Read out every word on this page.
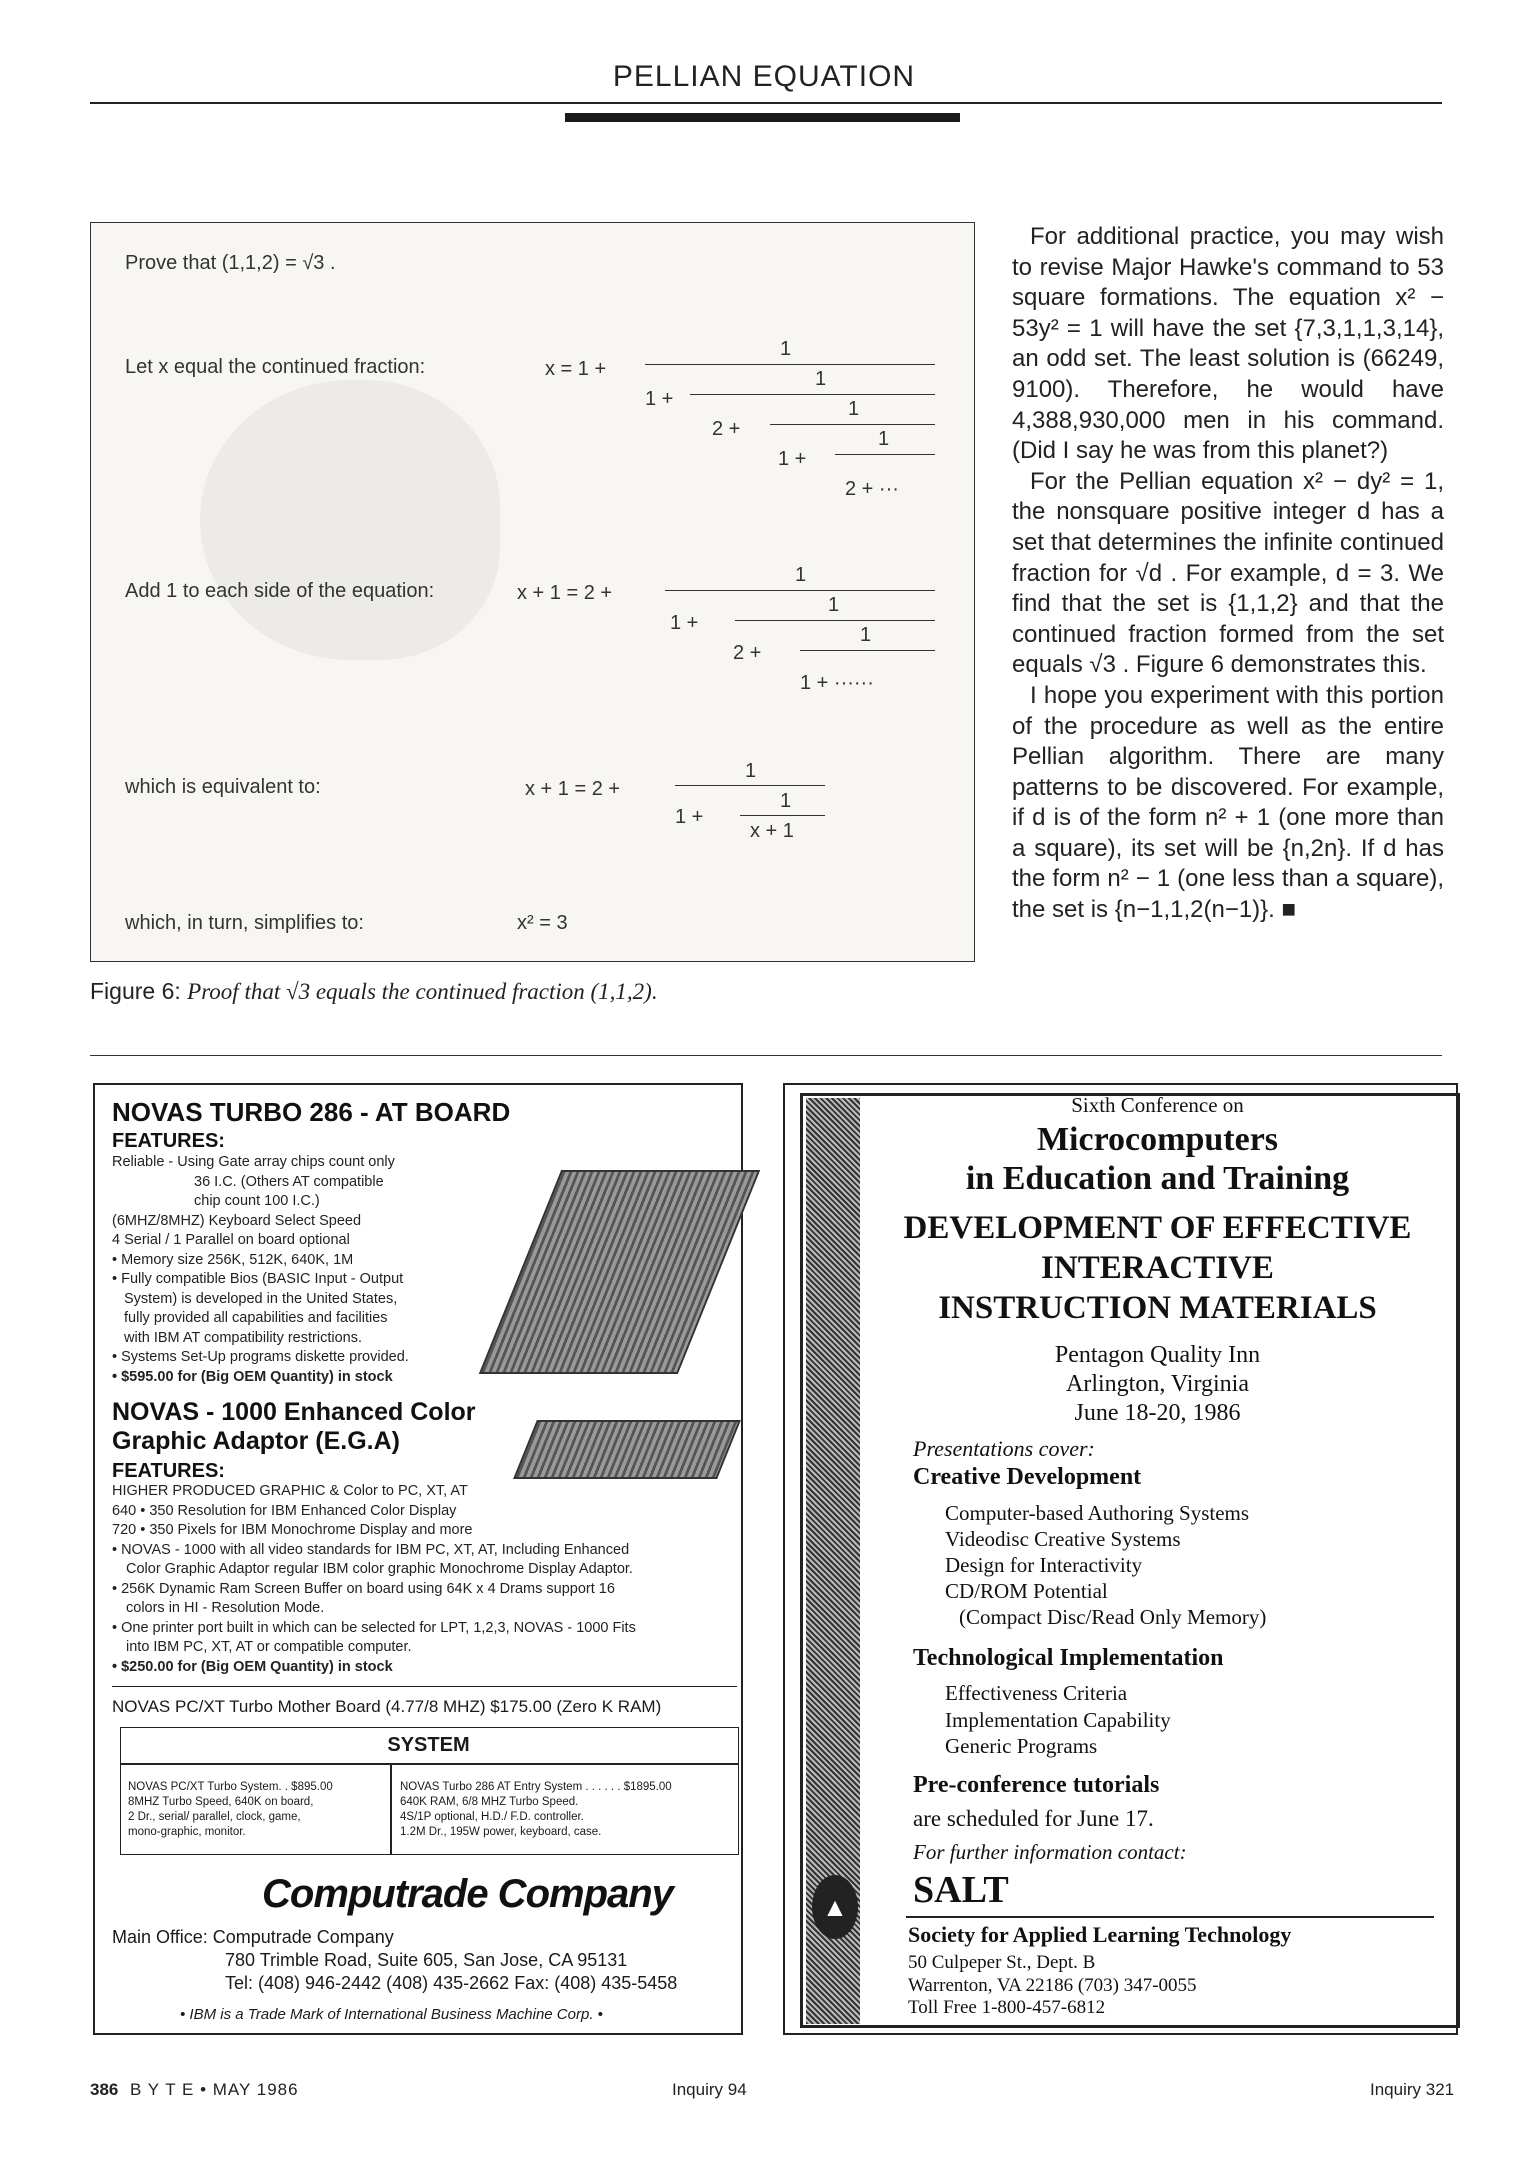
PELLIAN EQUATION
Prove that (1,1,2) = √3 .
Let x equal the continued fraction:	x = 1 +
1
1 +
1
2 +
1
1 +
1
2 + ···
Add 1 to each side of the equation:	x + 1 = 2 +
1
1 +
1
2 +
1
1 + ······
which is equivalent to:	x + 1 = 2 +
1
1 +
1
x + 1
which, in turn, simplifies to:	x² = 3
Figure 6: Proof that √3 equals the continued fraction (1,1,2).

For additional practice, you may wish to revise Major Hawke's command to 53 square formations. The equation x² − 53y² = 1 will have the set {7,3,1,1,3,14}, an odd set. The least solution is (66249, 9100). Therefore, he would have 4,388,930,000 men in his command. (Did I say he was from this planet?)

For the Pellian equation x² − dy² = 1, the nonsquare positive integer d has a set that determines the infinite continued fraction for √d . For example, d = 3. We find that the set is {1,1,2} and that the continued fraction formed from the set equals √3 . Figure 6 demonstrates this.

I hope you experiment with this portion of the procedure as well as the entire Pellian algorithm. There are many patterns to be discovered. For example, if d is of the form n² + 1 (one more than a square), its set will be {n,2n}. If d has the form n² − 1 (one less than a square), the set is {n−1,1,2(n−1)}. ■

NOVAS TURBO 286 - AT BOARD
FEATURES:
Reliable - Using Gate array chips count only
36 I.C. (Others AT compatible
chip count 100 I.C.)
(6MHZ/8MHZ) Keyboard Select Speed
4 Serial / 1 Parallel on board optional
• Memory size 256K, 512K, 640K, 1M
• Fully compatible Bios (BASIC Input - Output
System) is developed in the United States,
fully provided all capabilities and facilities
with IBM AT compatibility restrictions.
• Systems Set-Up programs diskette provided.
• $595.00 for (Big OEM Quantity) in stock
NOVAS - 1000 Enhanced Color
Graphic Adaptor (E.G.A)
FEATURES:
HIGHER PRODUCED GRAPHIC & Color to PC, XT, AT
640 • 350 Resolution for IBM Enhanced Color Display
720 • 350 Pixels for IBM Monochrome Display and more
• NOVAS - 1000 with all video standards for IBM PC, XT, AT, Including Enhanced
Color Graphic Adaptor regular IBM color graphic Monochrome Display Adaptor.
• 256K Dynamic Ram Screen Buffer on board using 64K x 4 Drams support 16
colors in HI - Resolution Mode.
• One printer port built in which can be selected for LPT, 1,2,3, NOVAS - 1000 Fits
into IBM PC, XT, AT or compatible computer.
• $250.00 for (Big OEM Quantity) in stock
NOVAS PC/XT Turbo Mother Board (4.77/8 MHZ) $175.00 (Zero K RAM)
SYSTEM
NOVAS PC/XT Turbo System. . $895.00
8MHZ Turbo Speed, 640K on board,
2 Dr., serial/ parallel, clock, game,
mono-graphic, monitor.
NOVAS Turbo 286 AT Entry System . . . . . . $1895.00
640K RAM, 6/8 MHZ Turbo Speed.
4S/1P optional, H.D./ F.D. controller.
1.2M Dr., 195W power, keyboard, case.
Computrade Company
Main Office: Computrade Company
780 Trimble Road, Suite 605, San Jose, CA 95131
Tel: (408) 946-2442 (408) 435-2662 Fax: (408) 435-5458
• IBM is a Trade Mark of International Business Machine Corp. •
▲
Sixth Conference on
Microcomputers
in Education and Training
DEVELOPMENT OF EFFECTIVE
INTERACTIVE
INSTRUCTION MATERIALS
Pentagon Quality Inn
Arlington, Virginia
June 18-20, 1986
Presentations cover:
Creative Development
Computer-based Authoring Systems
Videodisc Creative Systems
Design for Interactivity
CD/ROM Potential
(Compact Disc/Read Only Memory)
Technological Implementation
Effectiveness Criteria
Implementation Capability
Generic Programs
Pre-conference tutorials
are scheduled for June 17.
For further information contact:
SALT
Society for Applied Learning Technology
50 Culpeper St., Dept. B
Warrenton, VA 22186 (703) 347-0055
Toll Free 1-800-457-6812
386 B Y T E • MAY 1986	Inquiry 94	Inquiry 321
